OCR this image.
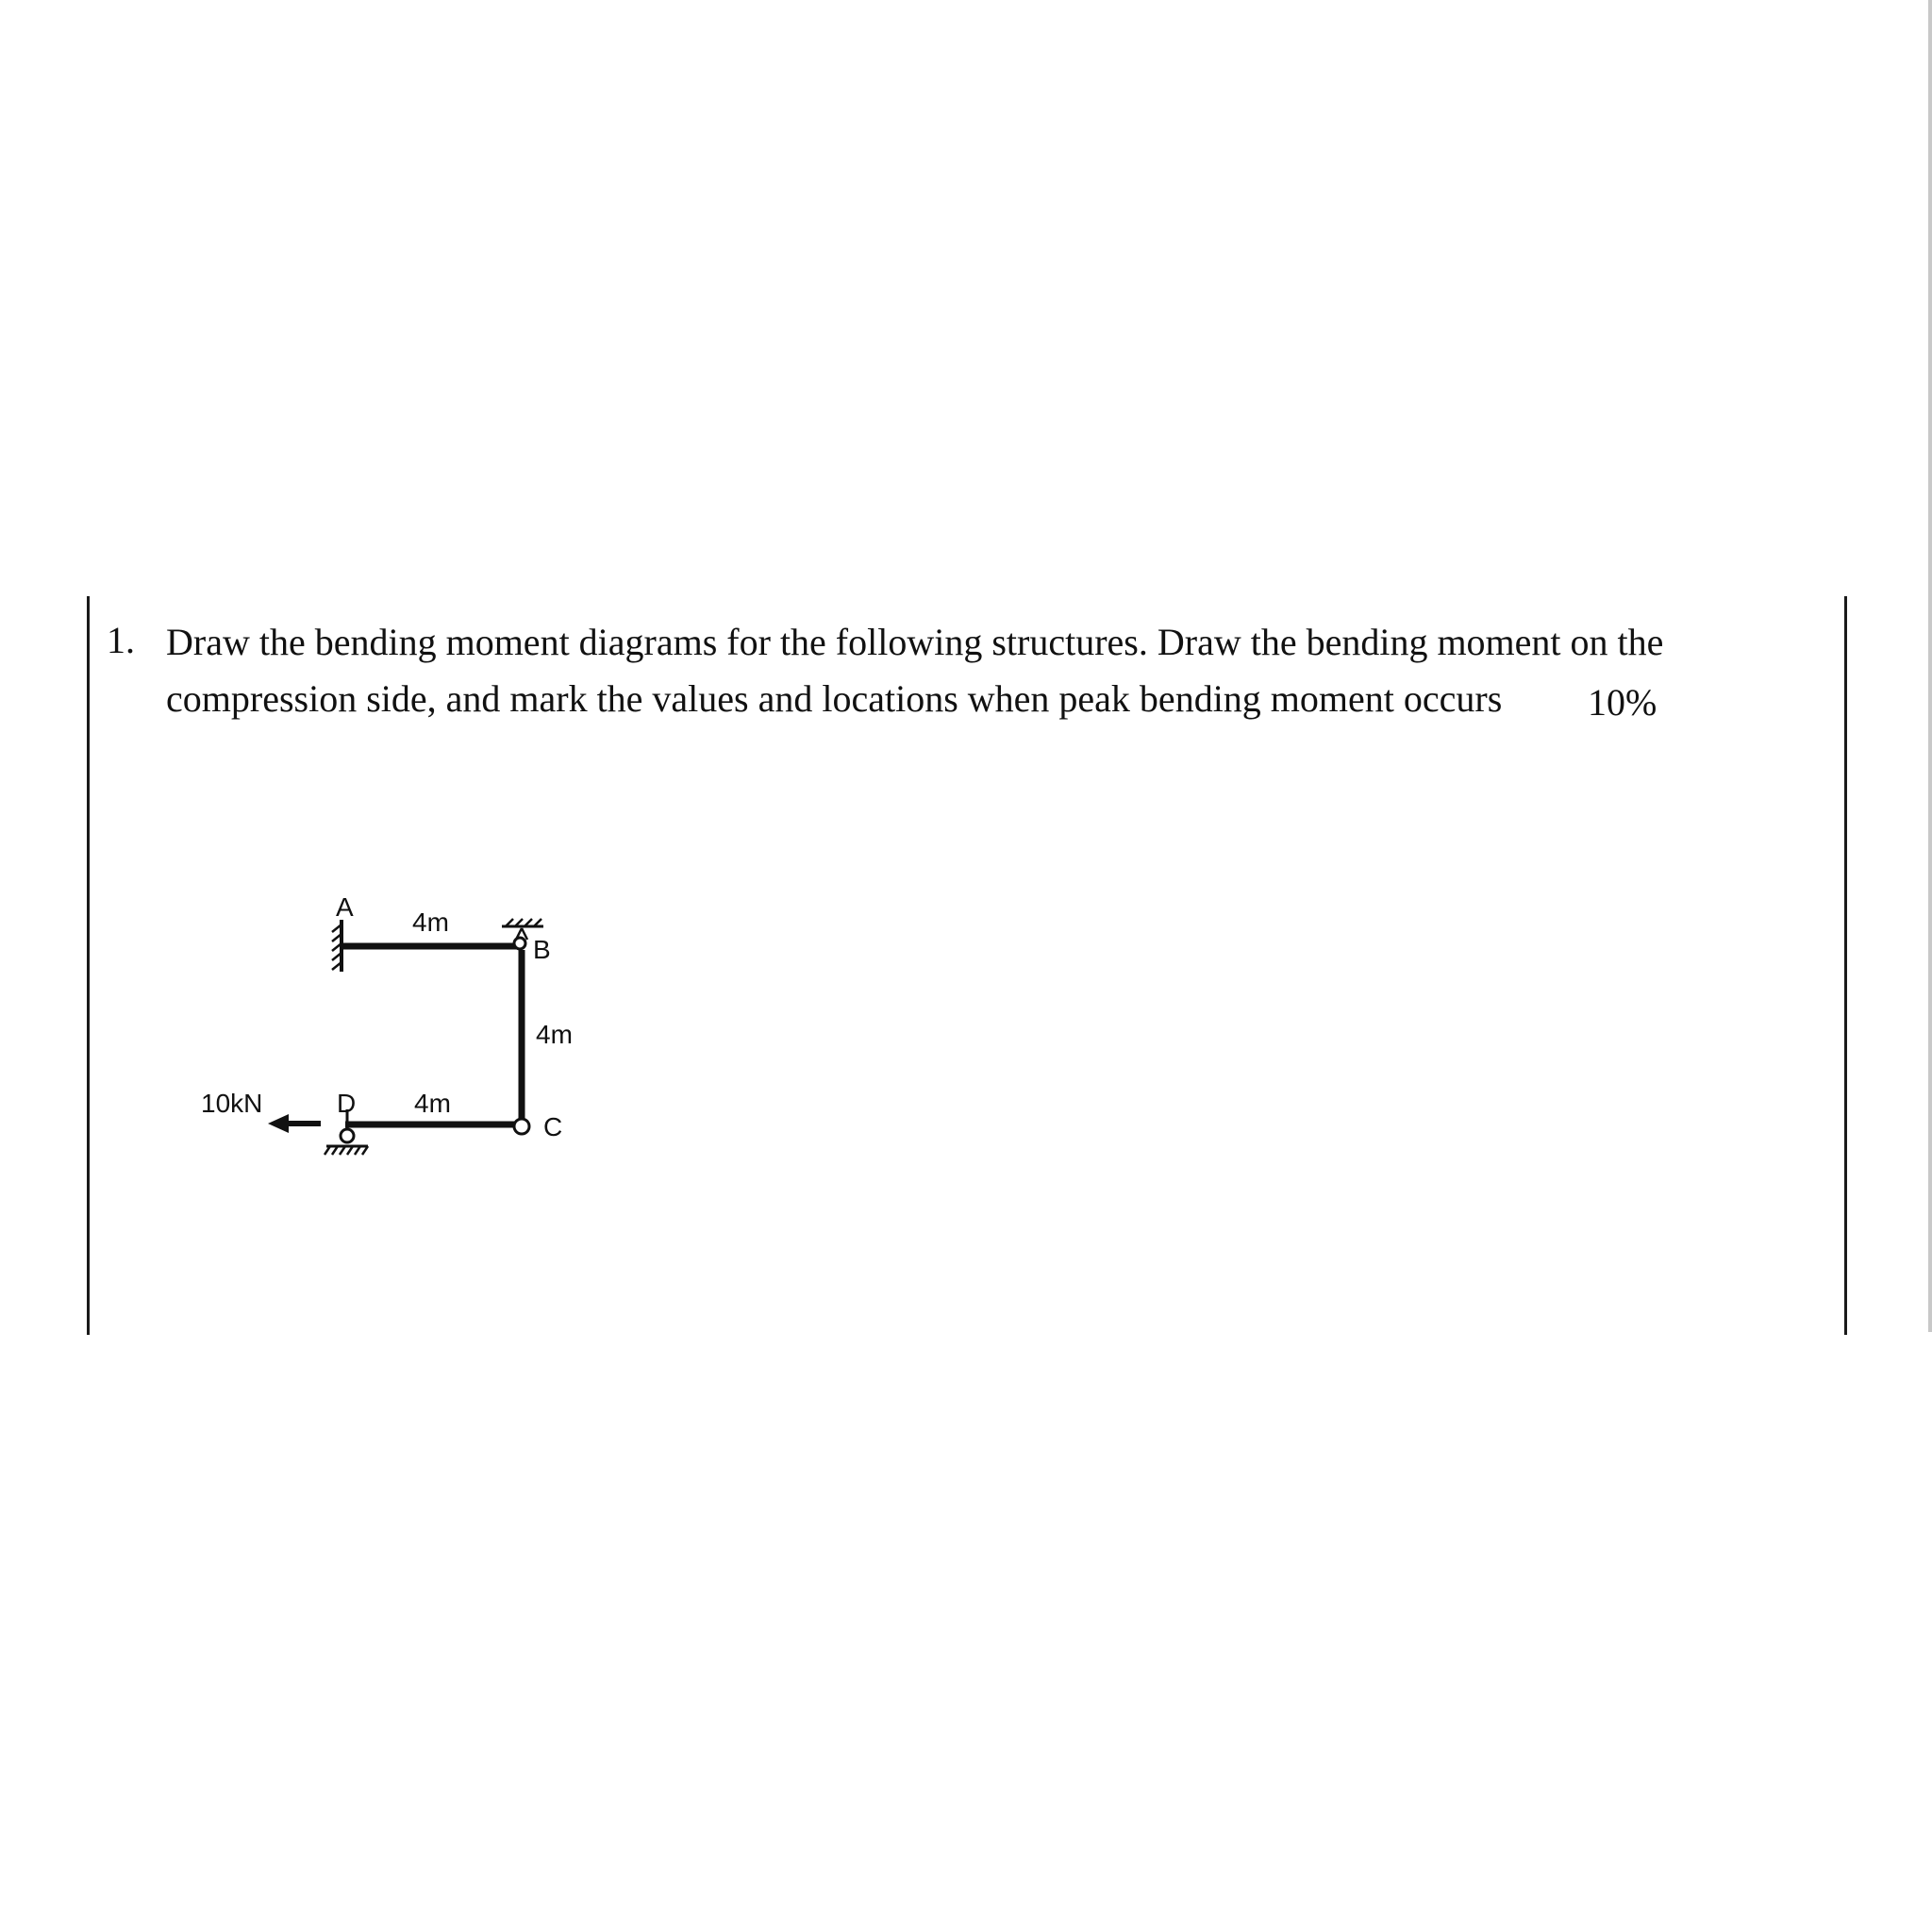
1. Draw the bending moment diagrams for the following structures. Draw the bending moment on the
compression side, and mark the values and locations when peak bending moment occurs 10%
A
B
C
D
4m
4m
4m
10kN
